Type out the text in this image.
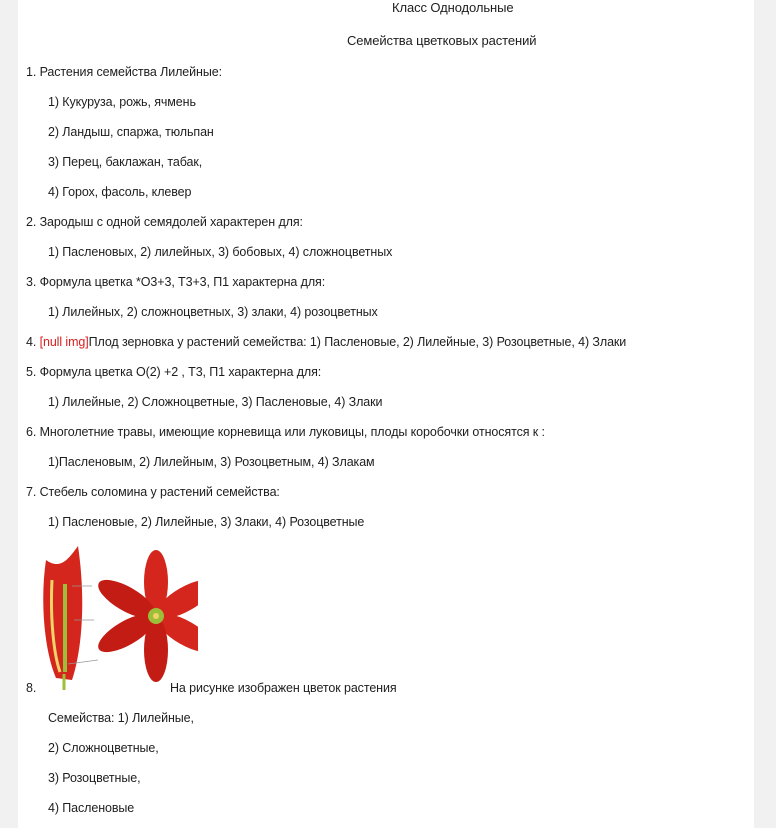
Класс Однодольные
Семейства цветковых растений
1. Растения семейства Лилейные:
1) Кукуруза, рожь, ячмень
2) Ландыш, спаржа, тюльпан
3) Перец, баклажан, табак,
4) Горох, фасоль, клевер
2. Зародыш с одной семядолей характерен для:
1) Пасленовых, 2) лилейных, 3) бобовых, 4) сложноцветных
3. Формула цветка *О3+3, Т3+3, П1 характерна для:
1) Лилейных, 2) сложноцветных, 3) злаки, 4) розоцветных
4. [null img]Плод зерновка у растений семейства: 1) Пасленовые, 2) Лилейные, 3) Розоцветные, 4) Злаки
5. Формула цветка О(2) +2 , Т3, П1 характерна для:
1) Лилейные, 2) Сложноцветные, 3) Пасленовые, 4) Злаки
6. Многолетние травы, имеющие корневища или луковицы, плоды коробочки относятся к :
1)Пасленовым, 2) Лилейным, 3) Розоцветным, 4) Злакам
7. Стебель соломина у растений семейства:
1) Пасленовые, 2) Лилейные, 3) Злаки, 4) Розоцветные
8.	На рисунке изображен цветок растения
Семейства: 1) Лилейные,
2) Сложноцветные,
3) Розоцветные,
4) Пасленовые
